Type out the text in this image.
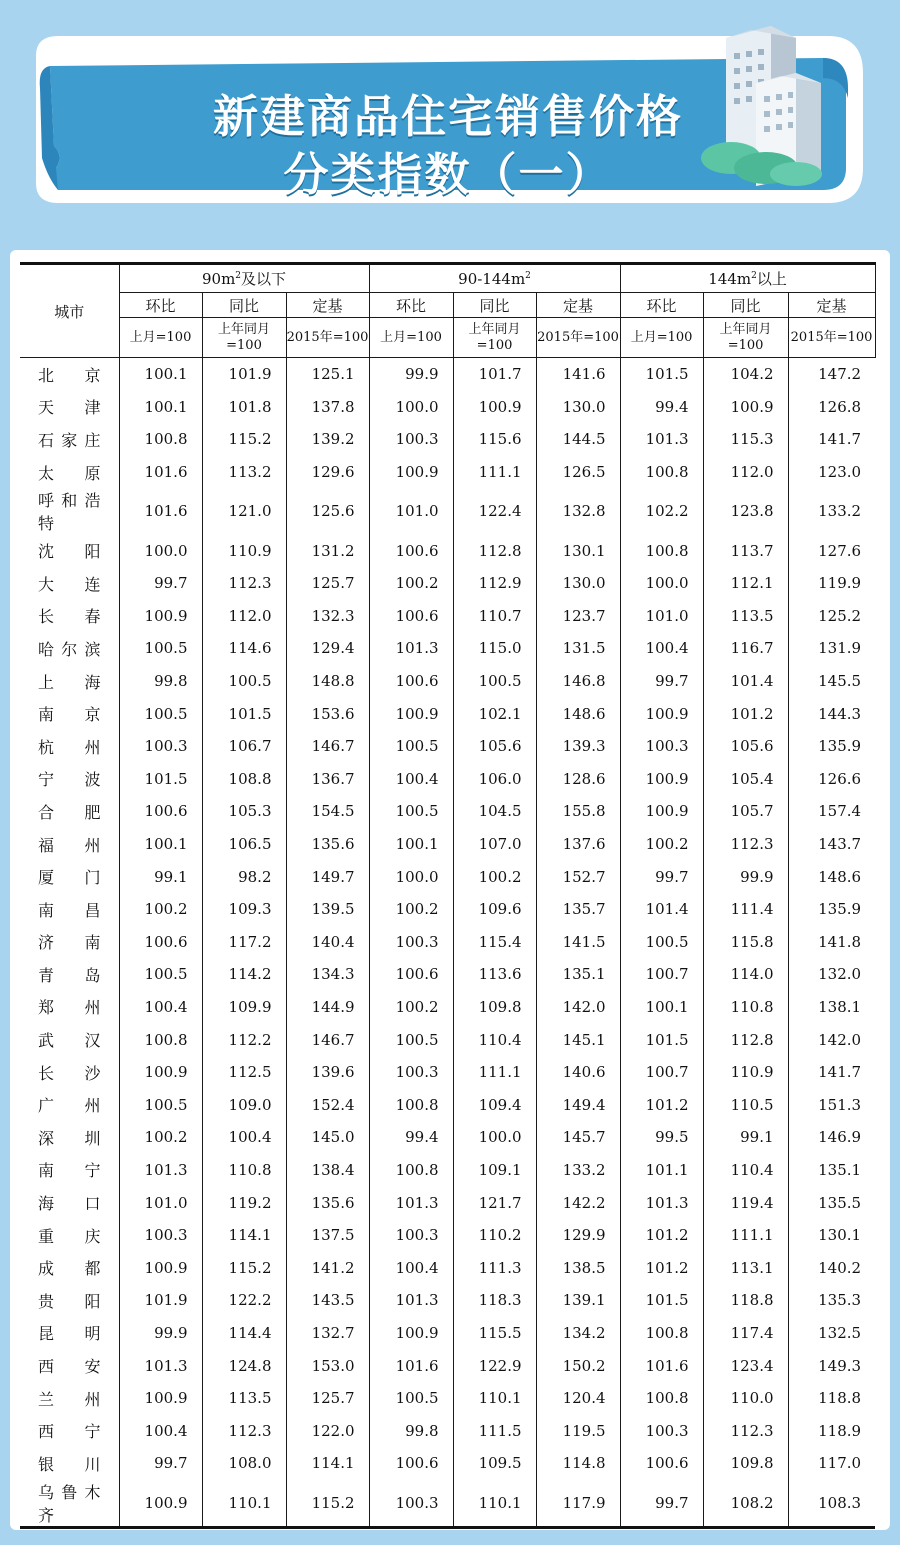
新建商品住宅销售价格
分类指数（一）
城市	$90m^2$及以下			$90-144m^2$			$144m^2$以上		
	环比	同比	定基	环比	同比	定基	环比	同比	定基
	上月=100	上年同月=100	2015年=100	上月=100	上年同月=100	2015年=100	上月=100	上年同月=100	2015年=100
北京	100.1	101.9	125.1	99.9	101.7	141.6	101.5	104.2	147.2
天津	100.1	101.8	137.8	100.0	100.9	130.0	99.4	100.9	126.8
石家庄	100.8	115.2	139.2	100.3	115.6	144.5	101.3	115.3	141.7
太原	101.6	113.2	129.6	100.9	111.1	126.5	100.8	112.0	123.0
呼和浩特	101.6	121.0	125.6	101.0	122.4	132.8	102.2	123.8	133.2
沈阳	100.0	110.9	131.2	100.6	112.8	130.1	100.8	113.7	127.6
大连	99.7	112.3	125.7	100.2	112.9	130.0	100.0	112.1	119.9
长春	100.9	112.0	132.3	100.6	110.7	123.7	101.0	113.5	125.2
哈尔滨	100.5	114.6	129.4	101.3	115.0	131.5	100.4	116.7	131.9
上海	99.8	100.5	148.8	100.6	100.5	146.8	99.7	101.4	145.5
南京	100.5	101.5	153.6	100.9	102.1	148.6	100.9	101.2	144.3
杭州	100.3	106.7	146.7	100.5	105.6	139.3	100.3	105.6	135.9
宁波	101.5	108.8	136.7	100.4	106.0	128.6	100.9	105.4	126.6
合肥	100.6	105.3	154.5	100.5	104.5	155.8	100.9	105.7	157.4
福州	100.1	106.5	135.6	100.1	107.0	137.6	100.2	112.3	143.7
厦门	99.1	98.2	149.7	100.0	100.2	152.7	99.7	99.9	148.6
南昌	100.2	109.3	139.5	100.2	109.6	135.7	101.4	111.4	135.9
济南	100.6	117.2	140.4	100.3	115.4	141.5	100.5	115.8	141.8
青岛	100.5	114.2	134.3	100.6	113.6	135.1	100.7	114.0	132.0
郑州	100.4	109.9	144.9	100.2	109.8	142.0	100.1	110.8	138.1
武汉	100.8	112.2	146.7	100.5	110.4	145.1	101.5	112.8	142.0
长沙	100.9	112.5	139.6	100.3	111.1	140.6	100.7	110.9	141.7
广州	100.5	109.0	152.4	100.8	109.4	149.4	101.2	110.5	151.3
深圳	100.2	100.4	145.0	99.4	100.0	145.7	99.5	99.1	146.9
南宁	101.3	110.8	138.4	100.8	109.1	133.2	101.1	110.4	135.1
海口	101.0	119.2	135.6	101.3	121.7	142.2	101.3	119.4	135.5
重庆	100.3	114.1	137.5	100.3	110.2	129.9	101.2	111.1	130.1
成都	100.9	115.2	141.2	100.4	111.3	138.5	101.2	113.1	140.2
贵阳	101.9	122.2	143.5	101.3	118.3	139.1	101.5	118.8	135.3
昆明	99.9	114.4	132.7	100.9	115.5	134.2	100.8	117.4	132.5
西安	101.3	124.8	153.0	101.6	122.9	150.2	101.6	123.4	149.3
兰州	100.9	113.5	125.7	100.5	110.1	120.4	100.8	110.0	118.8
西宁	100.4	112.3	122.0	99.8	111.5	119.5	100.3	112.3	118.9
银川	99.7	108.0	114.1	100.6	109.5	114.8	100.6	109.8	117.0
乌鲁木齐	100.9	110.1	115.2	100.3	110.1	117.9	99.7	108.2	108.3
